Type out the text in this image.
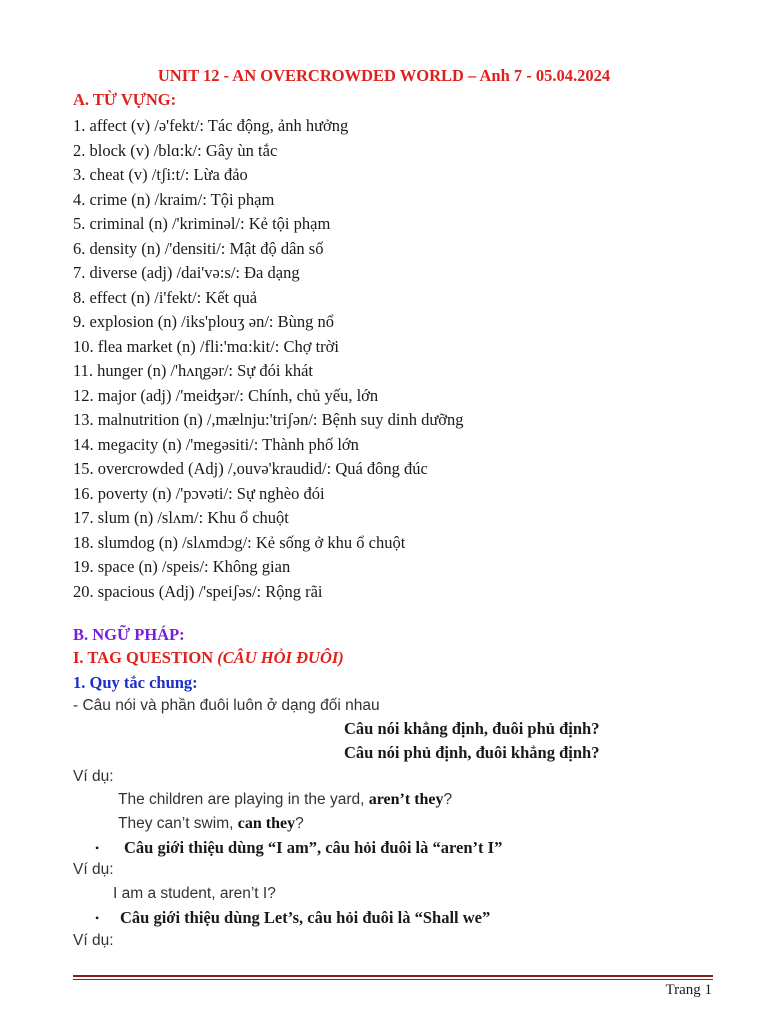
UNIT 12 - AN OVERCROWDED WORLD – Anh 7 - 05.04.2024
A. TỪ VỰNG:
1. affect (v) /ə'fekt/: Tác động, ảnh hưởng
2. block (v) /blɑ:k/: Gây ùn tắc
3. cheat (v) /tʃi:t/: Lừa đảo
4. crime (n) /kraim/: Tội phạm
5. criminal (n) /'kriminəl/: Kẻ tội phạm
6. density (n) /'densiti/: Mật độ dân số
7. diverse (adj) /dai'və:s/: Đa dạng
8. effect (n) /i'fekt/: Kết quả
9. explosion (n) /iks'plouʒ ən/: Bùng nổ
10. flea market (n) /fli:'mɑ:kit/: Chợ trời
11. hunger (n) /'hʌɳgər/: Sự đói khát
12. major (adj) /'meiʤər/: Chính, chủ yếu, lớn
13. malnutrition (n) /,mælnju:'triʃən/: Bệnh suy dinh dưỡng
14. megacity (n) /'megəsiti/: Thành phố lớn
15. overcrowded (Adj) /,ouvə'kraudid/: Quá đông đúc
16. poverty (n) /'pɔvəti/: Sự nghèo đói
17. slum (n) /slʌm/: Khu ổ chuột
18. slumdog (n) /slʌmdɔg/: Kẻ sống ở khu ổ chuột
19. space (n) /speis/: Không gian
20. spacious (Adj) /'speiʃəs/: Rộng rãi
B. NGỮ PHÁP:
I. TAG QUESTION (CÂU HỎI ĐUÔI)
1. Quy tắc chung:
- Câu nói và phần đuôi luôn ở dạng đối nhau
Câu nói khẳng định, đuôi phủ định?
Câu nói phủ định, đuôi khẳng định?
Ví dụ:
The children are playing in the yard, aren’t they?
They can’t swim, can they?
• Câu giới thiệu dùng “I am”, câu hỏi đuôi là “aren’t I”
Ví dụ:
I am a student, aren’t I?
• Câu giới thiệu dùng Let’s, câu hỏi đuôi là “Shall we”
Ví dụ:
Trang 1
